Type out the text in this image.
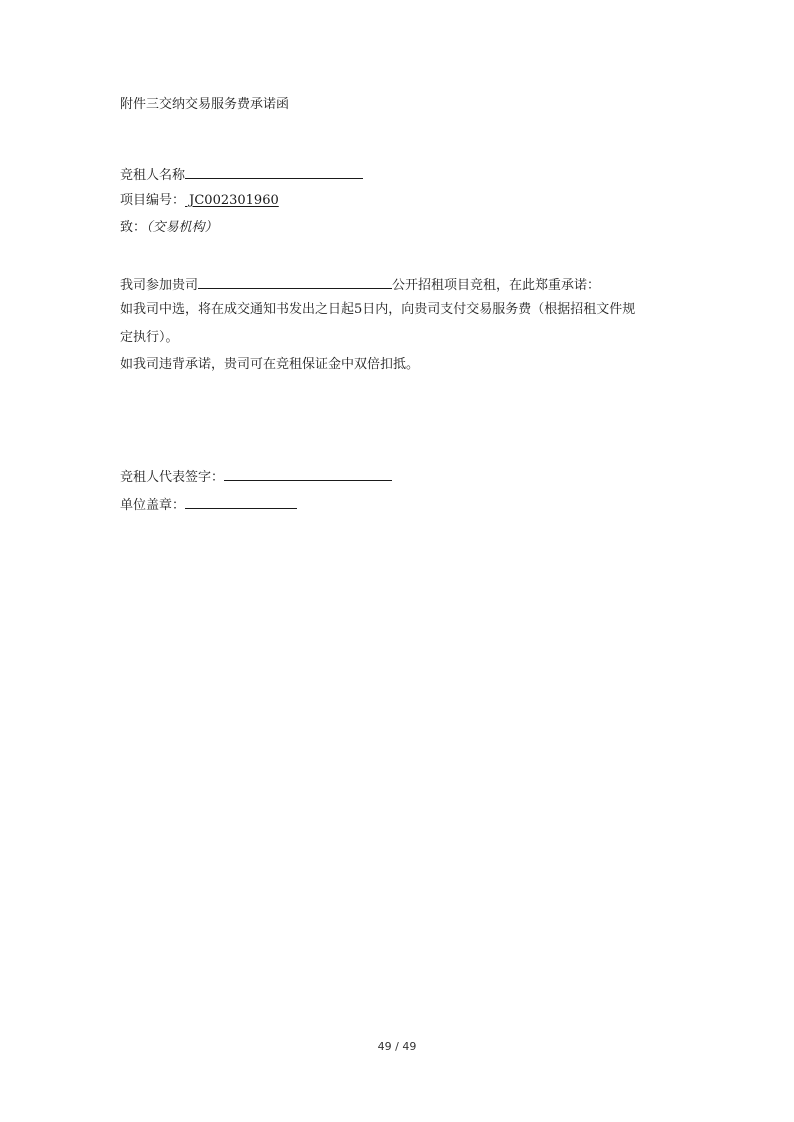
附件三交纳交易服务费承诺函
竞租人名称
项目编号： JC002301960
致：（交易机构）
我司参加贵司	公开招租项目竞租，在此郑重承诺：
如我司中选，将在成交通知书发出之日起5日内，向贵司支付交易服务费（根据招租文件规
定执行）。
如我司违背承诺，贵司可在竞租保证金中双倍扣抵。
竞租人代表签字：
单位盖章：
49 / 49
